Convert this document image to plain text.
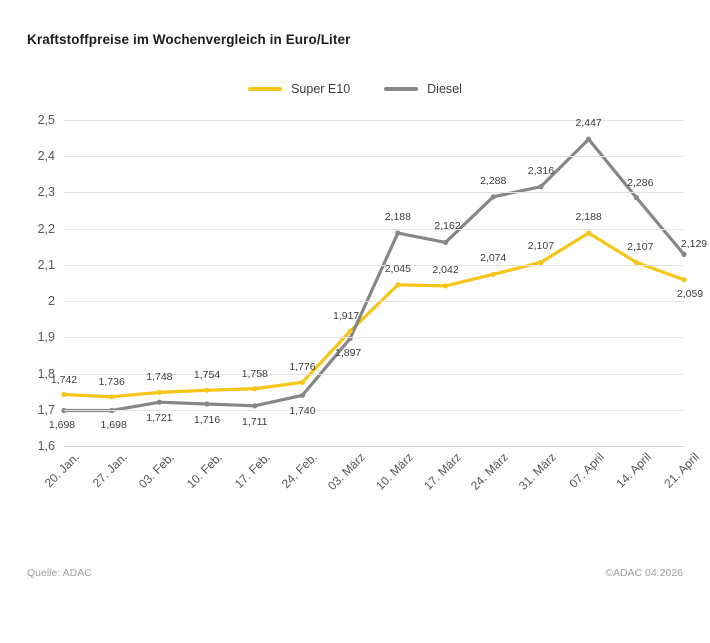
Kraftstoffpreise im Wochenvergleich in Euro/Liter
Super E10	Diesel
1,6
1,7
1,8
1,9
2
2,1
2,2
2,3
2,4
2,5
1,742 1,736 1,748 1,754 1,758
1,776
1,917
2,045 2,042
2,074
2,107
2,188
2,107
2,059
1,698 1,698
1,721 1,716 1,711
1,740
1,897
2,188
2,162
2,288
2,316
2,447
2,286
2,129
20. Jan. 27. Jan. 03. Feb. 10. Feb. 17. Feb. 24. Feb. 03. März 10. März 17. März 24. März 31. März 07. April 14. April 21. April
Quelle: ADAC	©ADAC 04.2026
